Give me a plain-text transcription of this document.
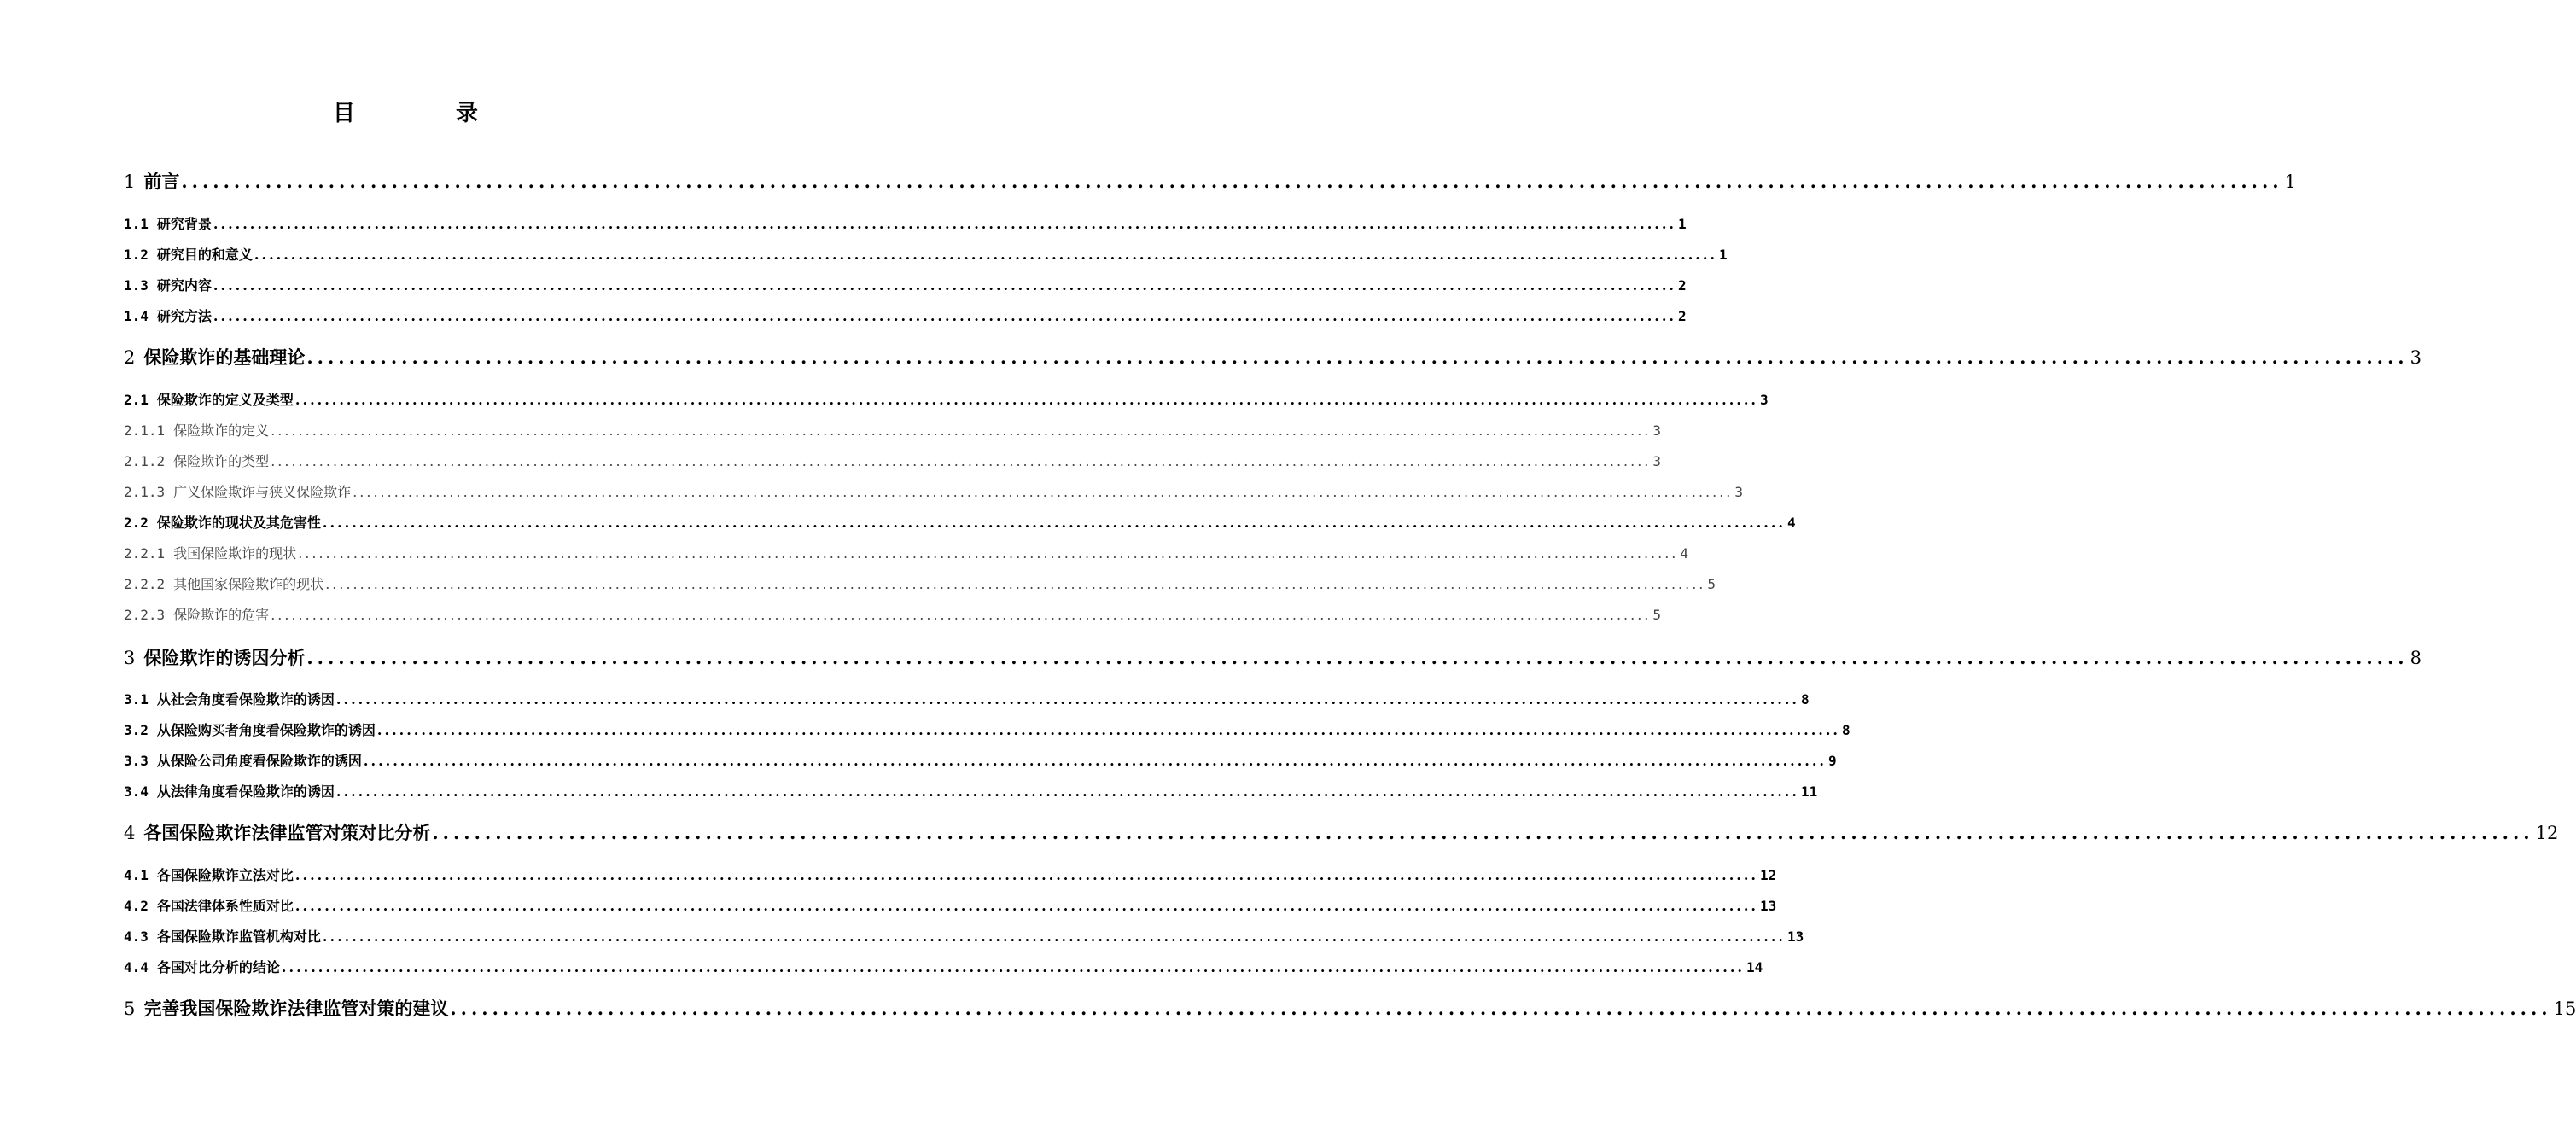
目　录
1 前言 ........................................................................................................................................................................................................ 1
1.1 研究背景 ........................................................................................................................................................................................................ 1
1.2 研究目的和意义 ........................................................................................................................................................................................................ 1
1.3 研究内容 ........................................................................................................................................................................................................ 2
1.4 研究方法 ........................................................................................................................................................................................................ 2
2 保险欺诈的基础理论 ........................................................................................................................................................................................................ 3
2.1 保险欺诈的定义及类型 ........................................................................................................................................................................................................ 3
2.1.1 保险欺诈的定义 ........................................................................................................................................................................................................ 3
2.1.2 保险欺诈的类型 ........................................................................................................................................................................................................ 3
2.1.3 广义保险欺诈与狭义保险欺诈 ........................................................................................................................................................................................................ 3
2.2 保险欺诈的现状及其危害性 ........................................................................................................................................................................................................ 4
2.2.1 我国保险欺诈的现状 ........................................................................................................................................................................................................ 4
2.2.2 其他国家保险欺诈的现状 ........................................................................................................................................................................................................ 5
2.2.3 保险欺诈的危害 ........................................................................................................................................................................................................ 5
3 保险欺诈的诱因分析 ........................................................................................................................................................................................................ 8
3.1 从社会角度看保险欺诈的诱因 ........................................................................................................................................................................................................ 8
3.2 从保险购买者角度看保险欺诈的诱因 ........................................................................................................................................................................................................ 8
3.3 从保险公司角度看保险欺诈的诱因 ........................................................................................................................................................................................................ 9
3.4 从法律角度看保险欺诈的诱因 ........................................................................................................................................................................................................ 11
4 各国保险欺诈法律监管对策对比分析 ........................................................................................................................................................................................................ 12
4.1 各国保险欺诈立法对比 ........................................................................................................................................................................................................ 12
4.2 各国法律体系性质对比 ........................................................................................................................................................................................................ 13
4.3 各国保险欺诈监管机构对比 ........................................................................................................................................................................................................ 13
4.4 各国对比分析的结论 ........................................................................................................................................................................................................ 14
5 完善我国保险欺诈法律监管对策的建议 ........................................................................................................................................................................................................ 15
